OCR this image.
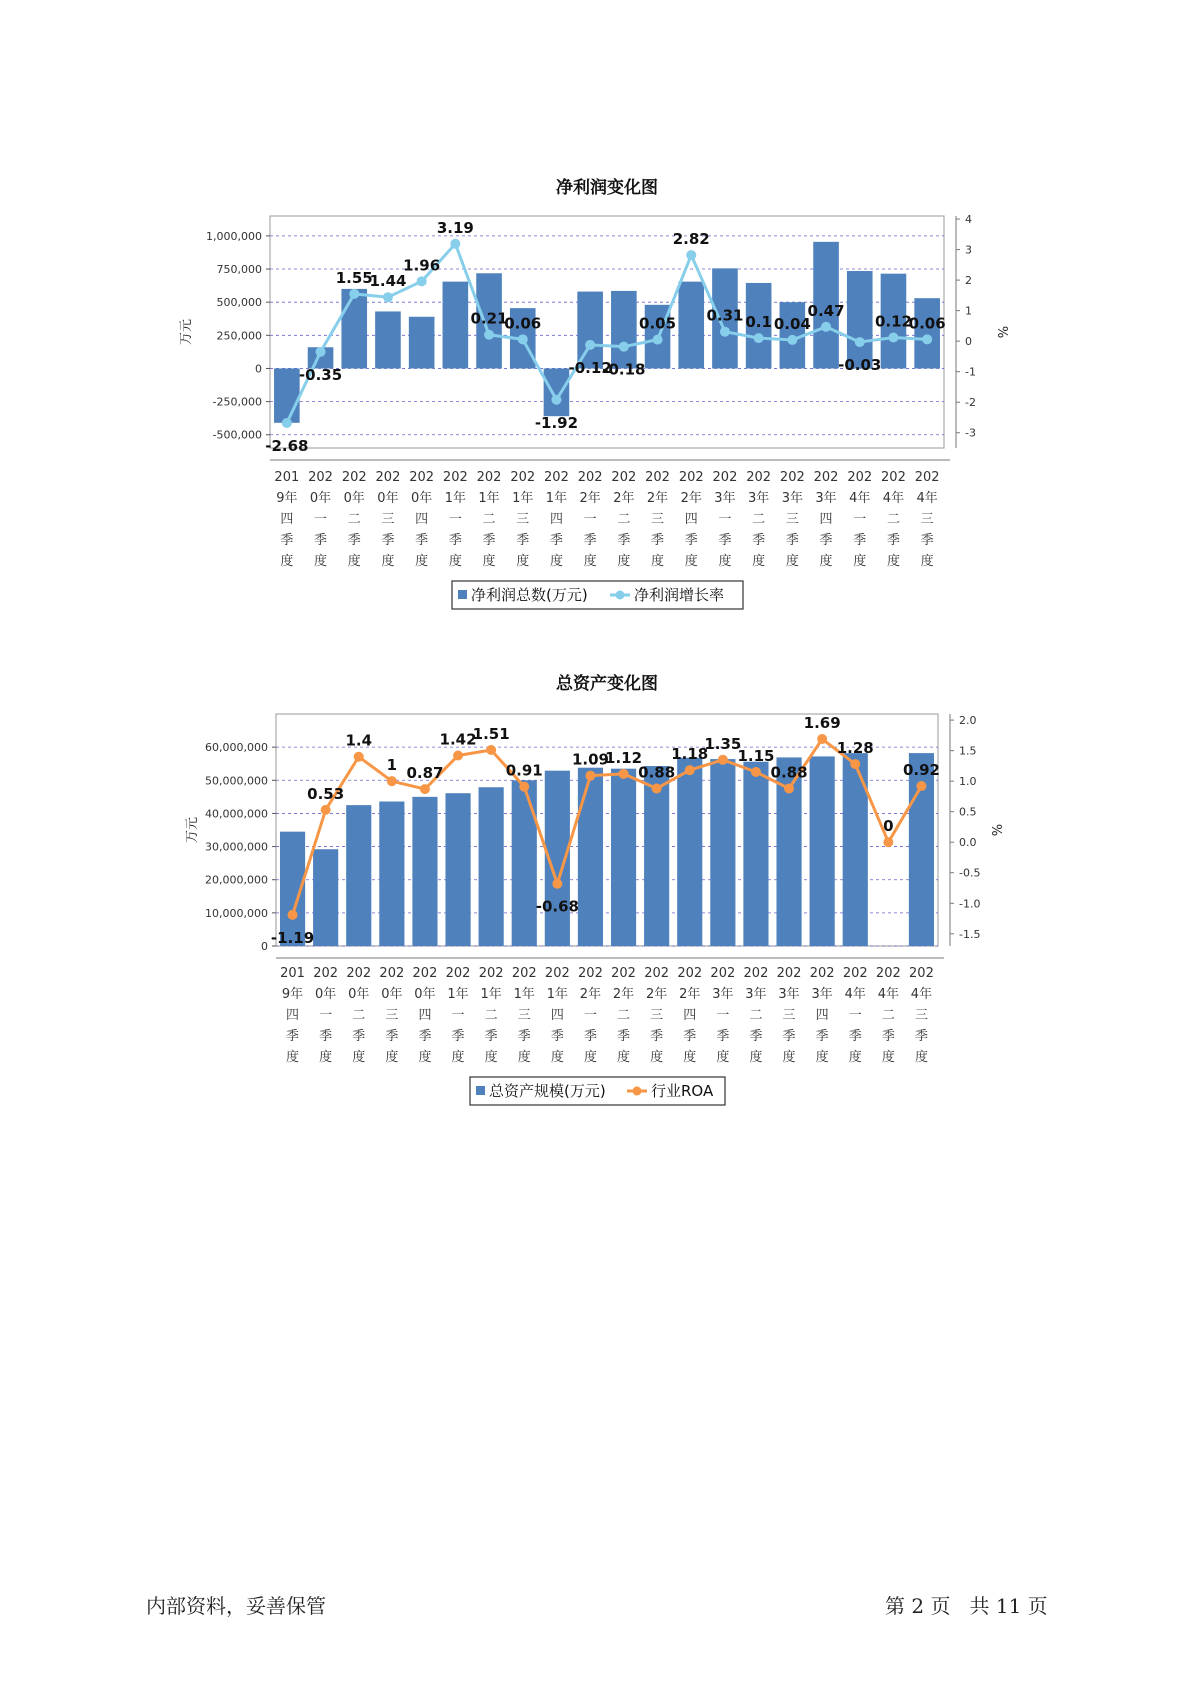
净利润变化图
-500,000
-250,000
0
250,000
500,000
750,000
1,000,000
-3
-2
-1
0
1
2
3
4
万元	%
-2.68
-0.35
1.55
1.44
1.96
3.19
0.21
0.06
-1.92
-0.12
-0.18
0.05
2.82
0.31 0.1 0.04
0.47
-0.03
0.12
0.06
201
9年
四
季
度
202
0年
一
季
度
202
0年
二
季
度
202
0年
三
季
度
202
0年
四
季
度
202
1年
一
季
度
202
1年
二
季
度
202
1年
三
季
度
202
1年
四
季
度
202
2年
一
季
度
202
2年
二
季
度
202
2年
三
季
度
202
2年
四
季
度
202
3年
一
季
度
202
3年
二
季
度
202
3年
三
季
度
202
3年
四
季
度
202
4年
一
季
度
202
4年
二
季
度
202
4年
三
季
度
净利润总数(万元)	净利润增长率
总资产变化图
0
10,000,000
20,000,000
30,000,000
40,000,000
50,000,000
60,000,000
-1.5
-1.0
-0.5
0.0
0.5
1.0
1.5
2.0
万元	%
-1.19
0.53
1.4
1 0.87
1.42
1.51
0.91
-0.68
1.09
1.12
0.88
1.18
1.35
1.15
0.88
1.69
1.28
0
0.92
201
9年
四
季
度
202
0年
一
季
度
202
0年
二
季
度
202
0年
三
季
度
202
0年
四
季
度
202
1年
一
季
度
202
1年
二
季
度
202
1年
三
季
度
202
1年
四
季
度
202
2年
一
季
度
202
2年
二
季
度
202
2年
三
季
度
202
2年
四
季
度
202
3年
一
季
度
202
3年
二
季
度
202
3年
三
季
度
202
3年
四
季
度
202
4年
一
季
度
202
4年
二
季
度
202
4年
三
季
度
总资产规模(万元)	行业ROA
内部资料，妥善保管	第 2 页   共 11 页
